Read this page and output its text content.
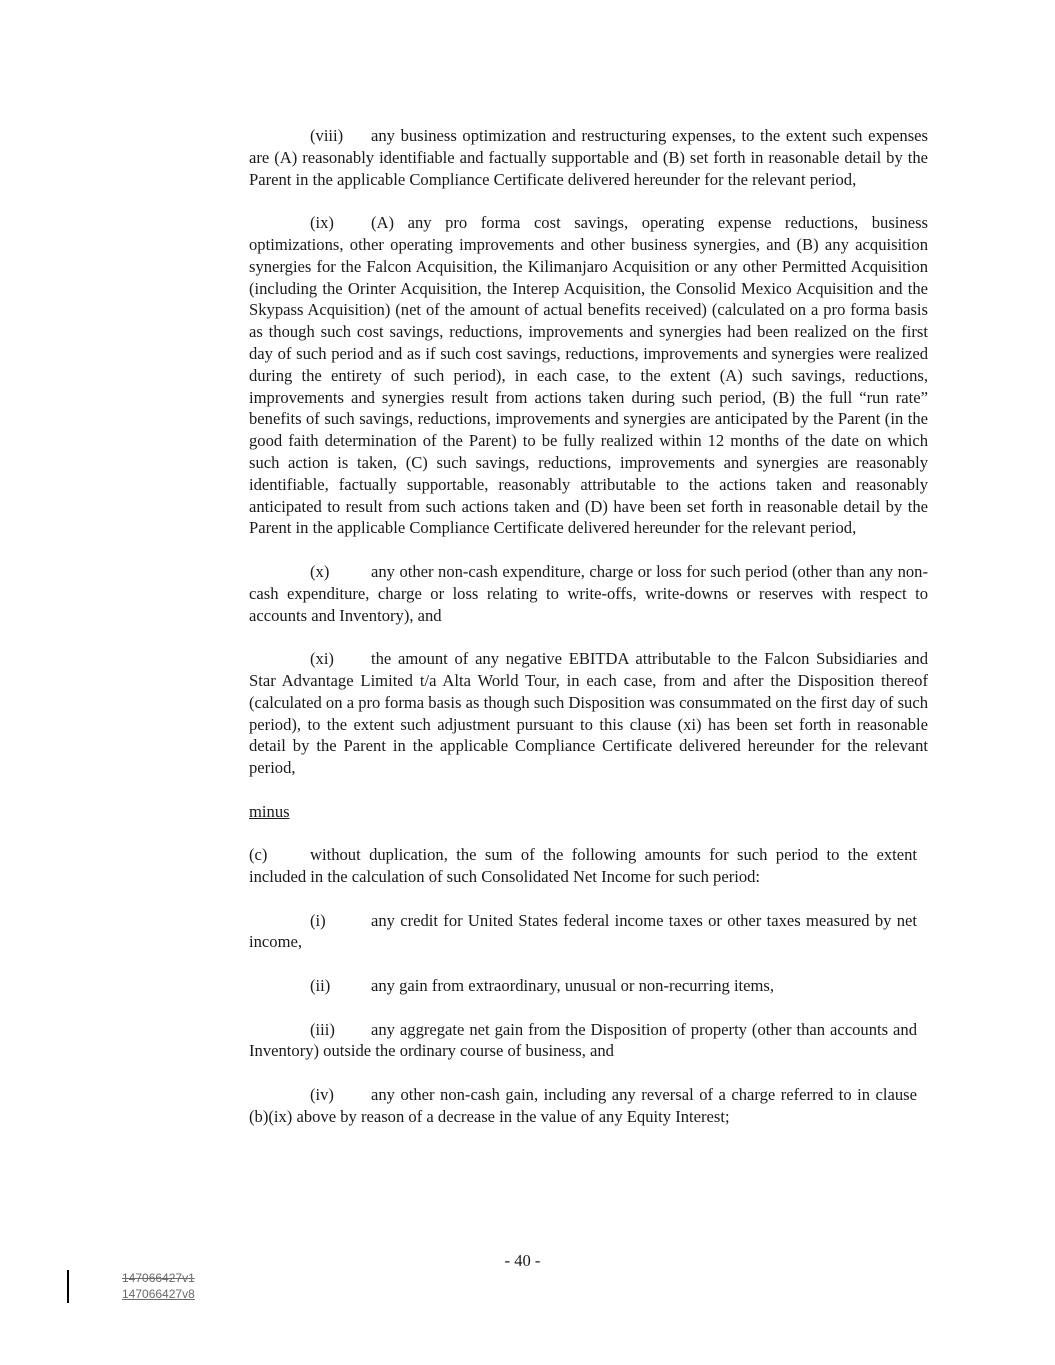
(viii) any business optimization and restructuring expenses, to the extent such expenses are (A) reasonably identifiable and factually supportable and (B) set forth in reasonable detail by the Parent in the applicable Compliance Certificate delivered hereunder for the relevant period,

(ix) (A) any pro forma cost savings, operating expense reductions, business optimizations, other operating improvements and other business synergies, and (B) any acquisition synergies for the Falcon Acquisition, the Kilimanjaro Acquisition or any other Permitted Acquisition (including the Orinter Acquisition, the Interep Acquisition, the Consolid Mexico Acquisition and the Skypass Acquisition) (net of the amount of actual benefits received) (calculated on a pro forma basis as though such cost savings, reductions, improvements and synergies had been realized on the first day of such period and as if such cost savings, reductions, improvements and synergies were realized during the entirety of such period), in each case, to the extent (A) such savings, reductions, improvements and synergies result from actions taken during such period, (B) the full “run rate” benefits of such savings, reductions, improvements and synergies are anticipated by the Parent (in the good faith determination of the Parent) to be fully realized within 12 months of the date on which such action is taken, (C) such savings, reductions, improvements and synergies are reasonably identifiable, factually supportable, reasonably attributable to the actions taken and reasonably anticipated to result from such actions taken and (D) have been set forth in reasonable detail by the Parent in the applicable Compliance Certificate delivered hereunder for the relevant period,

(x)	any other non-cash expenditure, charge or loss for such period (other than any non-cash expenditure, charge or loss relating to write-offs, write-downs or reserves with respect to accounts and Inventory), and

(xi) the amount of any negative EBITDA attributable to the Falcon Subsidiaries and Star Advantage Limited t/a Alta World Tour, in each case, from and after the Disposition thereof (calculated on a pro forma basis as though such Disposition was consummated on the first day of such period), to the extent such adjustment pursuant to this clause (xi) has been set forth in reasonable detail by the Parent in the applicable Compliance Certificate delivered hereunder for the relevant period,

minus

(c)	without duplication, the sum of the following amounts for such period to the extent included in the calculation of such Consolidated Net Income for such period:

(i)	any credit for United States federal income taxes or other taxes measured by net income,

(ii) any gain from extraordinary, unusual or non-recurring items,

(iii) any aggregate net gain from the Disposition of property (other than accounts and Inventory) outside the ordinary course of business, and

(iv) any other non-cash gain, including any reversal of a charge referred to in clause (b)(ix) above by reason of a decrease in the value of any Equity Interest;

- 40 -
147066427v1
147066427v8
